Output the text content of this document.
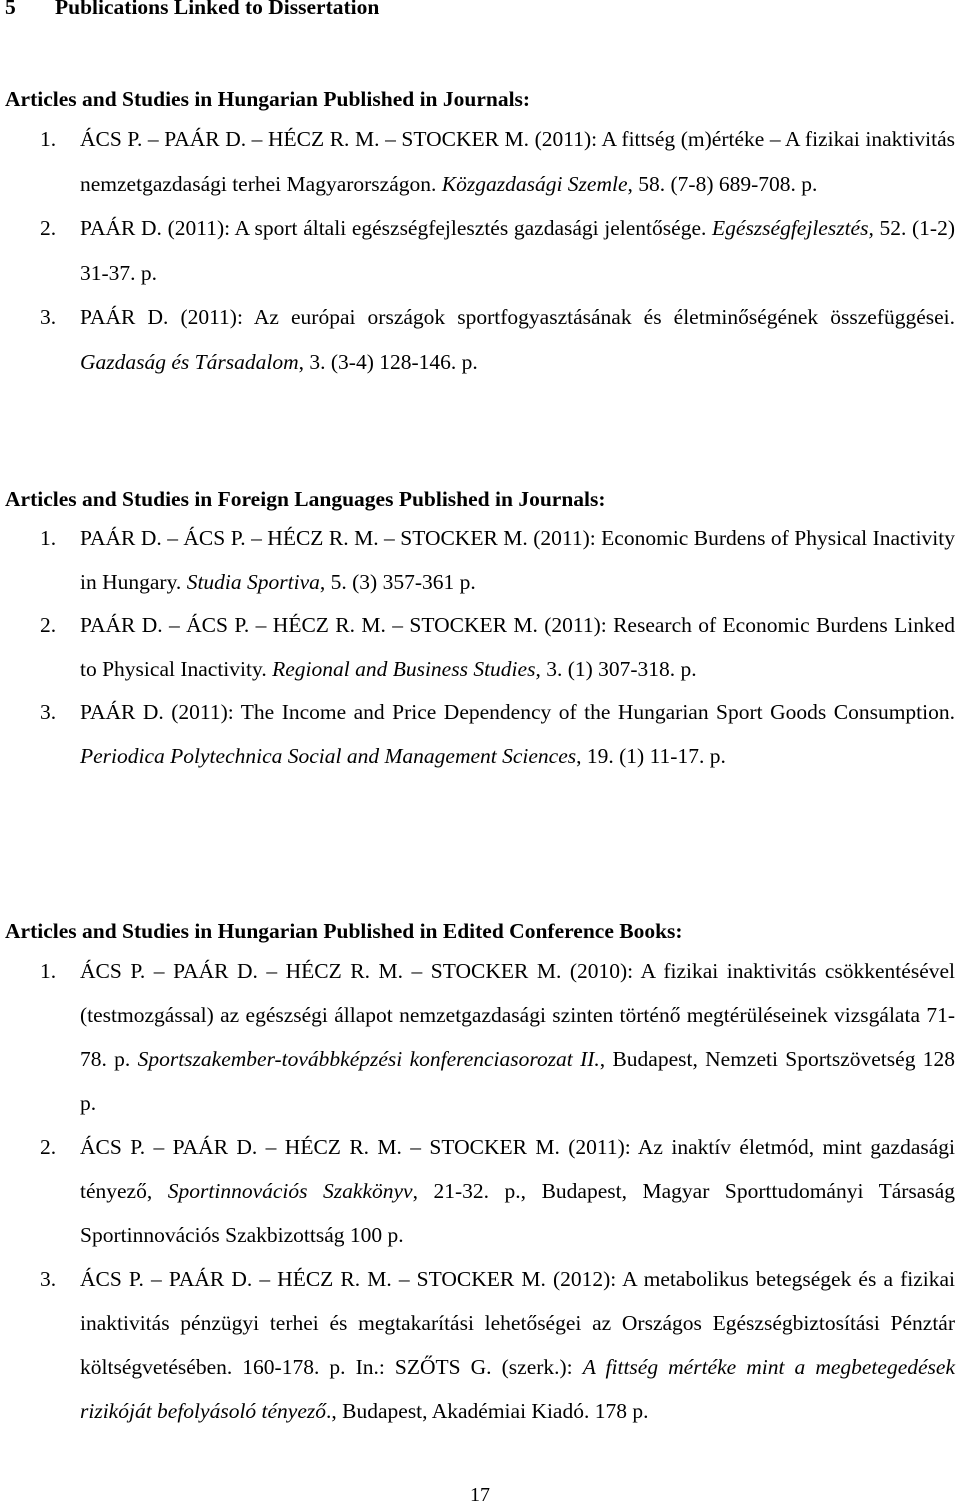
5 Publications Linked to Dissertation
Articles and Studies in Hungarian Published in Journals:
1. ÁCS P. – PAÁR D. – HÉCZ R. M. – STOCKER M. (2011): A fittség (m)értéke – A fizikai inaktivitás nemzetgazdasági terhei Magyarországon. Közgazdasági Szemle, 58. (7-8) 689-708. p.
2. PAÁR D. (2011): A sport általi egészségfejlesztés gazdasági jelentősége. Egészségfejlesztés, 52. (1-2) 31-37. p.
3. PAÁR D. (2011): Az európai országok sportfogyasztásának és életminőségének összefüggései. Gazdaság és Társadalom, 3. (3-4) 128-146. p.
Articles and Studies in Foreign Languages Published in Journals:
1. PAÁR D. – ÁCS P. – HÉCZ R. M. – STOCKER M. (2011): Economic Burdens of Physical Inactivity in Hungary. Studia Sportiva, 5. (3) 357-361 p.
2. PAÁR D. – ÁCS P. – HÉCZ R. M. – STOCKER M. (2011): Research of Economic Burdens Linked to Physical Inactivity. Regional and Business Studies, 3. (1) 307-318. p.
3. PAÁR D. (2011): The Income and Price Dependency of the Hungarian Sport Goods Consumption. Periodica Polytechnica Social and Management Sciences, 19. (1) 11-17. p.
Articles and Studies in Hungarian Published in Edited Conference Books:
1. ÁCS P. – PAÁR D. – HÉCZ R. M. – STOCKER M. (2010): A fizikai inaktivitás csökkentésével (testmozgással) az egészségi állapot nemzetgazdasági szinten történő megtérüléseinek vizsgálata 71-78. p. Sportszakember-továbbképzési konferenciasorozat II., Budapest, Nemzeti Sportszövetség 128 p.
2. ÁCS P. – PAÁR D. – HÉCZ R. M. – STOCKER M. (2011): Az inaktív életmód, mint gazdasági tényező, Sportinnovációs Szakkönyv, 21-32. p., Budapest, Magyar Sporttudományi Társaság Sportinnovációs Szakbizottság 100 p.
3. ÁCS P. – PAÁR D. – HÉCZ R. M. – STOCKER M. (2012): A metabolikus betegségek és a fizikai inaktivitás pénzügyi terhei és megtakarítási lehetőségei az Országos Egészségbiztosítási Pénztár költségvetésében. 160-178. p. In.: SZŐTS G. (szerk.): A fittség mértéke mint a megbetegedések rizikóját befolyásoló tényező., Budapest, Akadémiai Kiadó. 178 p.
17
